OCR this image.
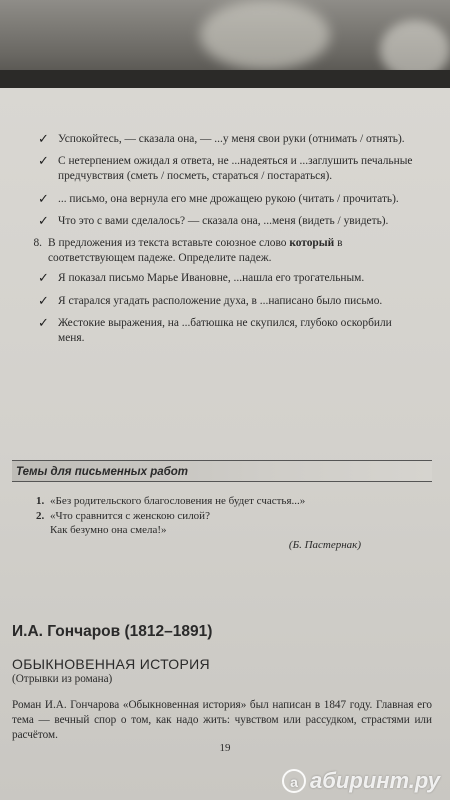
✓ Успокойтесь, — сказала она, — ...у меня свои руки (отнимать / отнять).
✓ С нетерпением ожидал я ответа, не ...надеяться и ...заглушить печальные предчувствия (сметь / посметь, стараться / постараться).
✓ ... письмо, она вернула его мне дрожащею рукою (читать / прочитать).
✓ Что это с вами сделалось? — сказала она, ...меня (видеть / увидеть).
8. В предложения из текста вставьте союзное слово который в соответствующем падеже. Определите падеж.
✓ Я показал письмо Марье Ивановне, ...нашла его трогательным.
✓ Я старался угадать расположение духа, в ...написано было письмо.
✓ Жестокие выражения, на ...батюшка не скупился, глубоко оскорбили меня.
Темы для письменных работ
1. «Без родительского благословения не будет счастья...»
2. «Что сравнится с женскою силой?
Как безумно она смела!»
(Б. Пастернак)
И.А. Гончаров (1812–1891)
ОБЫКНОВЕННАЯ ИСТОРИЯ
(Отрывки из романа)
Роман И.А. Гончарова «Обыкновенная история» был написан в 1847 году. Главная его тема — вечный спор о том, как надо жить: чувством или рассудком, страстями или расчётом.
19
а абиринт.ру
